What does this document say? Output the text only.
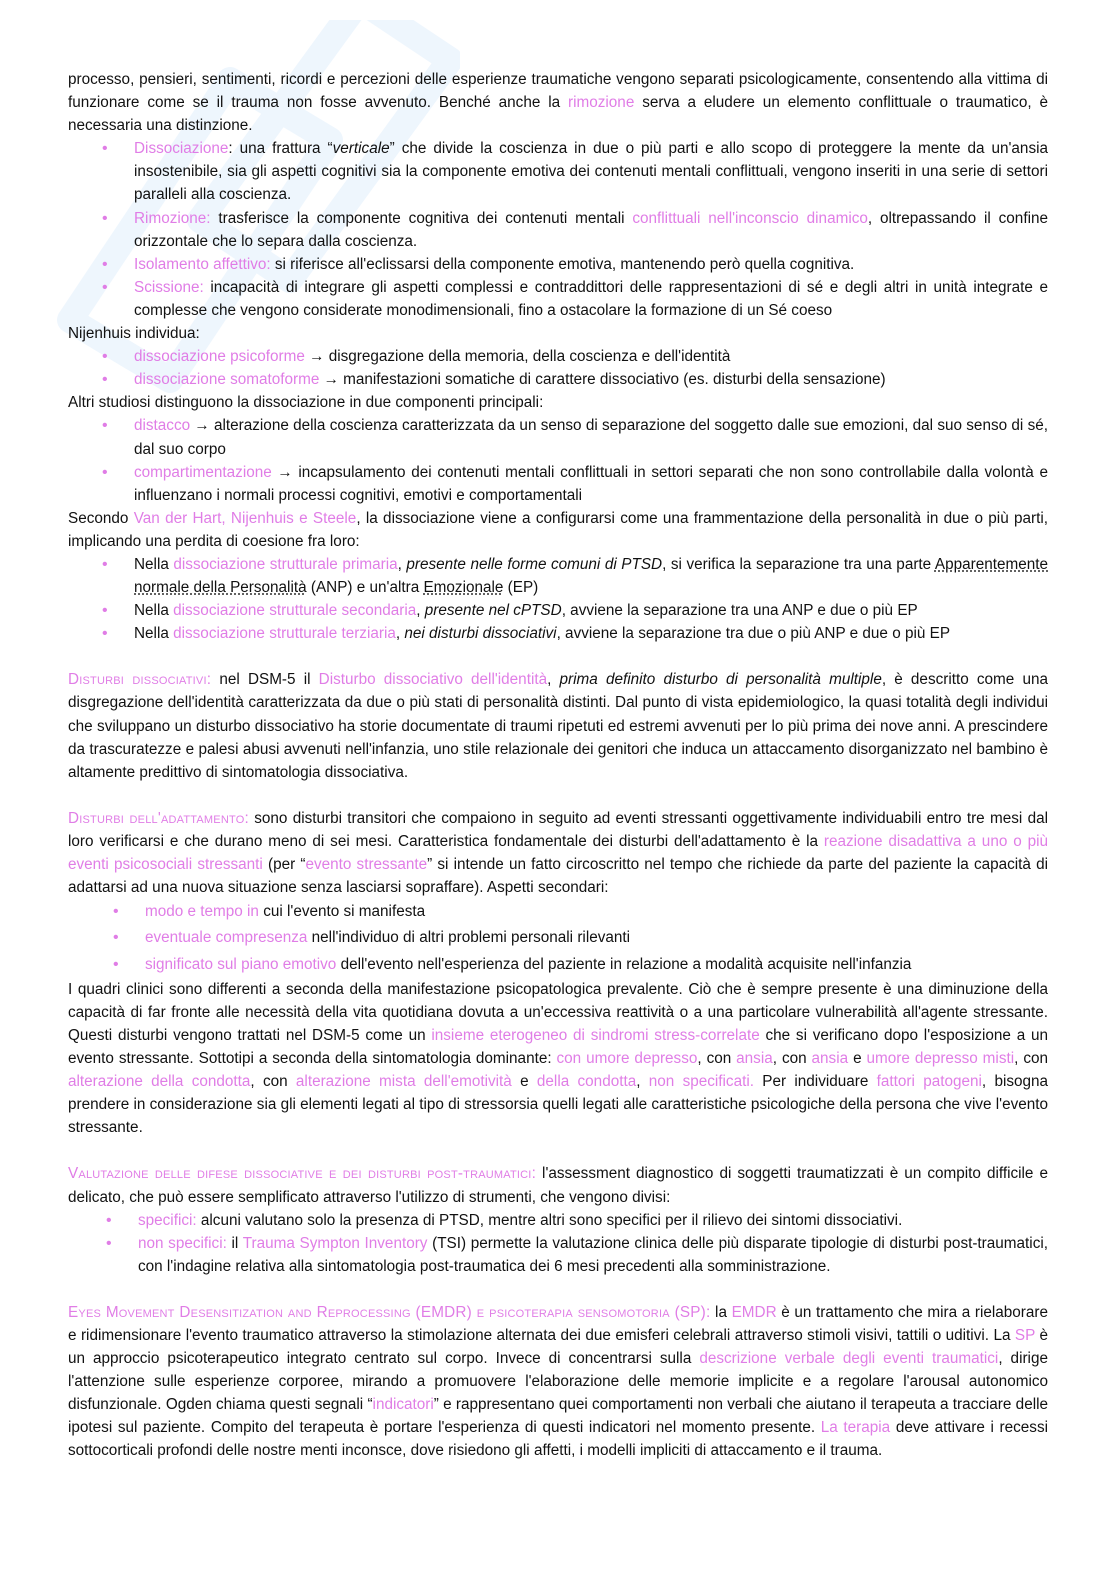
processo, pensieri, sentimenti, ricordi e percezioni delle esperienze traumatiche vengono separati psicologicamente, consentendo alla vittima di funzionare come se il trauma non fosse avvenuto. Benché anche la rimozione serva a eludere un elemento conflittuale o traumatico, è necessaria una distinzione.

• Dissociazione: una frattura “verticale” che divide la coscienza in due o più parti e allo scopo di proteggere la mente da un'ansia insostenibile, sia gli aspetti cognitivi sia la componente emotiva dei contenuti mentali conflittuali, vengono inseriti in una serie di settori paralleli alla coscienza.
• Rimozione: trasferisce la componente cognitiva dei contenuti mentali conflittuali nell'inconscio dinamico, oltrepassando il confine orizzontale che lo separa dalla coscienza.
• Isolamento affettivo: si riferisce all'eclissarsi della componente emotiva, mantenendo però quella cognitiva.
• Scissione: incapacità di integrare gli aspetti complessi e contraddittori delle rappresentazioni di sé e degli altri in unità integrate e complesse che vengono considerate monodimensionali, fino a ostacolare la formazione di un Sé coeso

Nijenhuis individua:

• dissociazione psicoforme → disgregazione della memoria, della coscienza e dell'identità
• dissociazione somatoforme → manifestazioni somatiche di carattere dissociativo (es. disturbi della sensazione)

Altri studiosi distinguono la dissociazione in due componenti principali:

• distacco → alterazione della coscienza caratterizzata da un senso di separazione del soggetto dalle sue emozioni, dal suo senso di sé, dal suo corpo
• compartimentazione → incapsulamento dei contenuti mentali conflittuali in settori separati che non sono controllabile dalla volontà e influenzano i normali processi cognitivi, emotivi e comportamentali

Secondo Van der Hart, Nijenhuis e Steele, la dissociazione viene a configurarsi come una frammentazione della personalità in due o più parti, implicando una perdita di coesione fra loro:

• Nella dissociazione strutturale primaria, presente nelle forme comuni di PTSD, si verifica la separazione tra una parte Apparentemente normale della Personalità (ANP) e un'altra Emozionale (EP)
• Nella dissociazione strutturale secondaria, presente nel cPTSD, avviene la separazione tra una ANP e due o più EP
• Nella dissociazione strutturale terziaria, nei disturbi dissociativi, avviene la separazione tra due o più ANP e due o più EP

Disturbi dissociativi: nel DSM-5 il Disturbo dissociativo dell'identità, prima definito disturbo di personalità multiple, è descritto come una disgregazione dell'identità caratterizzata da due o più stati di personalità distinti. Dal punto di vista epidemiologico, la quasi totalità degli individui che sviluppano un disturbo dissociativo ha storie documentate di traumi ripetuti ed estremi avvenuti per lo più prima dei nove anni. A prescindere da trascuratezze e palesi abusi avvenuti nell'infanzia, uno stile relazionale dei genitori che induca un attaccamento disorganizzato nel bambino è altamente predittivo di sintomatologia dissociativa.

Disturbi dell'adattamento: sono disturbi transitori che compaiono in seguito ad eventi stressanti oggettivamente individuabili entro tre mesi dal loro verificarsi e che durano meno di sei mesi. Caratteristica fondamentale dei disturbi dell'adattamento è la reazione disadattiva a uno o più eventi psicosociali stressanti (per “evento stressante” si intende un fatto circoscritto nel tempo che richiede da parte del paziente la capacità di adattarsi ad una nuova situazione senza lasciarsi sopraffare). Aspetti secondari:

• modo e tempo in cui l'evento si manifesta
• eventuale compresenza nell'individuo di altri problemi personali rilevanti
• significato sul piano emotivo dell'evento nell'esperienza del paziente in relazione a modalità acquisite nell'infanzia

I quadri clinici sono differenti a seconda della manifestazione psicopatologica prevalente. Ciò che è sempre presente è una diminuzione della capacità di far fronte alle necessità della vita quotidiana dovuta a un'eccessiva reattività o a una particolare vulnerabilità all'agente stressante. Questi disturbi vengono trattati nel DSM-5 come un insieme eterogeneo di sindromi stress-correlate che si verificano dopo l'esposizione a un evento stressante. Sottotipi a seconda della sintomatologia dominante: con umore depresso, con ansia, con ansia e umore depresso misti, con alterazione della condotta, con alterazione mista dell'emotività e della condotta, non specificati. Per individuare fattori patogeni, bisogna prendere in considerazione sia gli elementi legati al tipo di stressorsia quelli legati alle caratteristiche psicologiche della persona che vive l'evento stressante.

Valutazione delle difese dissociative e dei disturbi post-traumatici: l'assessment diagnostico di soggetti traumatizzati è un compito difficile e delicato, che può essere semplificato attraverso l'utilizzo di strumenti, che vengono divisi:

• specifici: alcuni valutano solo la presenza di PTSD, mentre altri sono specifici per il rilievo dei sintomi dissociativi.
• non specifici: il Trauma Sympton Inventory (TSI) permette la valutazione clinica delle più disparate tipologie di disturbi post-traumatici, con l'indagine relativa alla sintomatologia post-traumatica dei 6 mesi precedenti alla somministrazione.

Eyes Movement Desensitization and Reprocessing (EMDR) e psicoterapia sensomotoria (SP): la EMDR è un trattamento che mira a rielaborare e ridimensionare l'evento traumatico attraverso la stimolazione alternata dei due emisferi celebrali attraverso stimoli visivi, tattili o uditivi. La SP è un approccio psicoterapeutico integrato centrato sul corpo. Invece di concentrarsi sulla descrizione verbale degli eventi traumatici, dirige l'attenzione sulle esperienze corporee, mirando a promuovere l'elaborazione delle memorie implicite e a regolare l'arousal autonomico disfunzionale. Ogden chiama questi segnali “indicatori” e rappresentano quei comportamenti non verbali che aiutano il terapeuta a tracciare delle ipotesi sul paziente. Compito del terapeuta è portare l'esperienza di questi indicatori nel momento presente. La terapia deve attivare i recessi sottocorticali profondi delle nostre menti inconsce, dove risiedono gli affetti, i modelli impliciti di attaccamento e il trauma.
